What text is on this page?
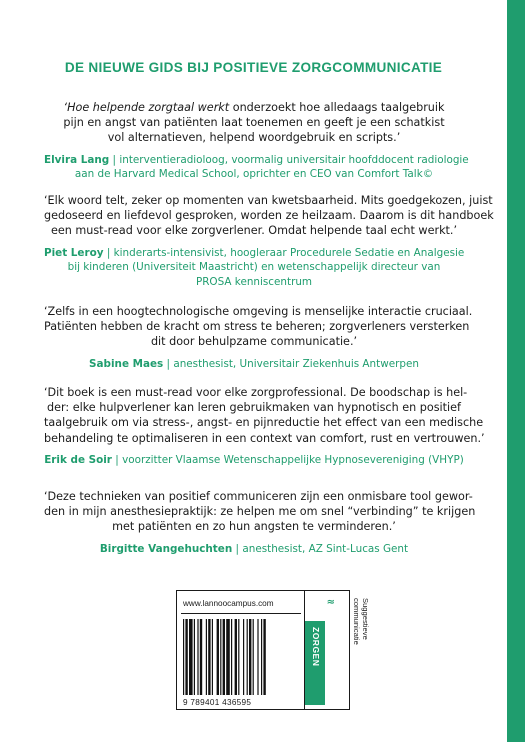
DE NIEUWE GIDS BIJ POSITIEVE ZORGCOMMUNICATIE

‘Hoe helpende zorgtaal werkt onderzoekt hoe alledaags taalgebruik
pijn en angst van patiënten laat toenemen en geeft je een schatkist
vol alternatieven, helpend woordgebruik en scripts.’

Elvira Lang | interventieradioloog, voormalig universitair hoofddocent radiologie
aan de Harvard Medical School, oprichter en CEO van Comfort Talk©

‘Elk woord telt, zeker op momenten van kwetsbaarheid. Mits goedgekozen, juist
gedoseerd en liefdevol gesproken, worden ze heilzaam. Daarom is dit handboek
een must-read voor elke zorgverlener. Omdat helpende taal echt werkt.’

Piet Leroy | kinderarts-intensivist, hoogleraar Procedurele Sedatie en Analgesie
bij kinderen (Universiteit Maastricht) en wetenschappelijk directeur van
PROSA kenniscentrum

‘Zelfs in een hoogtechnologische omgeving is menselijke interactie cruciaal.
Patiënten hebben de kracht om stress te beheren; zorgverleners versterken
dit door behulpzame communicatie.’

Sabine Maes | anesthesist, Universitair Ziekenhuis Antwerpen

‘Dit boek is een must-read voor elke zorgprofessional. De boodschap is hel-
der: elke hulpverlener kan leren gebruikmaken van hypnotisch en positief
taalgebruik om via stress-, angst- en pijnreductie het effect van een medische
behandeling te optimaliseren in een context van comfort, rust en vertrouwen.’

Erik de Soir | voorzitter Vlaamse Wetenschappelijke Hypnosevereniging (VHYP)

‘Deze technieken van positief communiceren zijn een onmisbare tool gewor-
den in mijn anesthesiepraktijk: ze helpen me om snel “verbinding” te krijgen
met patiënten en zo hun angsten te verminderen.’

Birgitte Vangehuchten | anesthesist, AZ Sint-Lucas Gent
www.lannoocampus.com
9 789401 436595
≈
ZORGEN
Suggestieve communicatie
